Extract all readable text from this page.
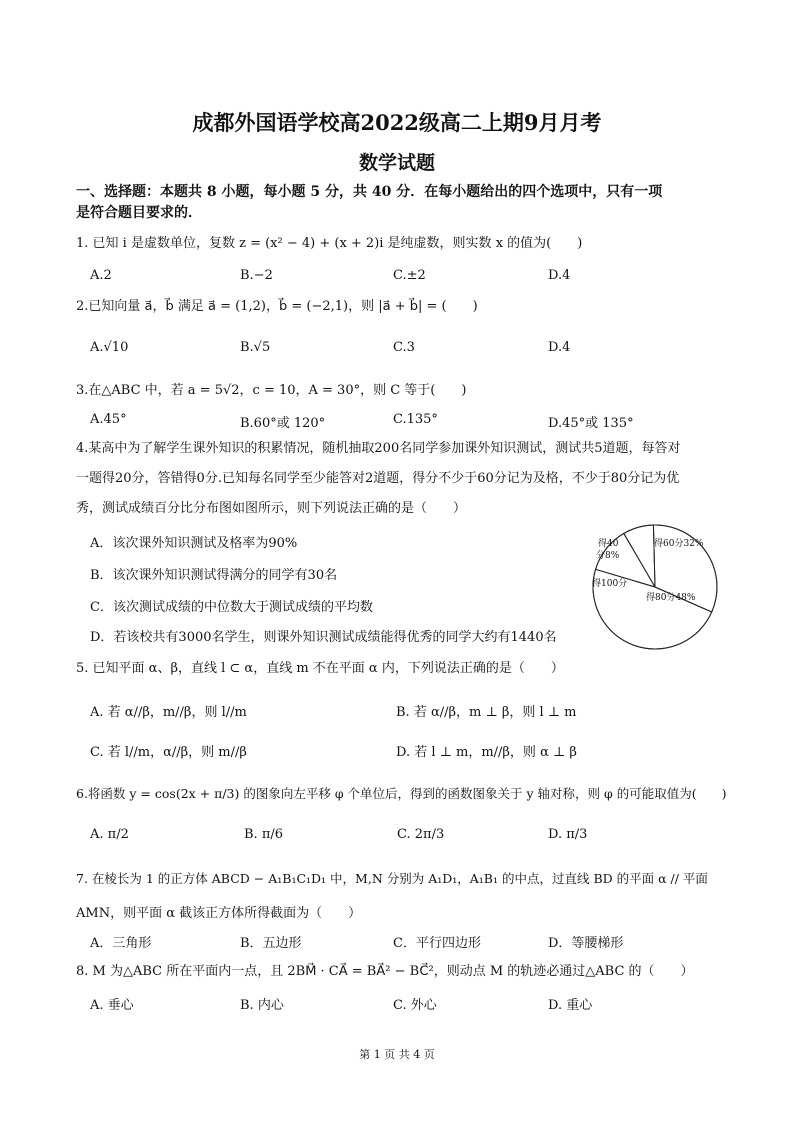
成都外国语学校高2022级高二上期9月月考
数学试题
一、选择题：本题共 8 小题，每小题 5 分，共 40 分．在每小题给出的四个选项中，只有一项
是符合题目要求的．
1. 已知 i 是虚数单位，复数 z = (x² − 4) + (x + 2)i 是纯虚数，则实数 x 的值为(　　)
A.2	B.−2	C.±2	D.4
2.已知向量 a⃗，b⃗ 满足 a⃗ = (1,2)，b⃗ = (−2,1)，则 |a⃗ + b⃗| = (　　)
A.√10	B.√5	C.3	D.4
3.在△ABC 中，若 a = 5√2，c = 10，A = 30°，则 C 等于(　　)
A.45°	B.60°或 120°	C.135°	D.45°或 135°
4.某高中为了解学生课外知识的积累情况，随机抽取200名同学参加课外知识测试，测试共5道题，每答对
一题得20分，答错得0分.已知每名同学至少能答对2道题，得分不少于60分记为及格，不少于80分记为优
秀，测试成绩百分比分布图如图所示，则下列说法正确的是（　　）
A．该次课外知识测试及格率为90%
B．该次课外知识测试得满分的同学有30名
C．该次测试成绩的中位数大于测试成绩的平均数
D．若该校共有3000名学生，则课外知识测试成绩能得优秀的同学大约有1440名
得60分32%
得80分48%
得100分
得40
分8%
5. 已知平面 α、β，直线 l ⊂ α，直线 m 不在平面 α 内，下列说法正确的是（　　）
A. 若 α//β，m//β，则 l//m	B. 若 α//β，m ⊥ β，则 l ⊥ m
C. 若 l//m，α//β，则 m//β	D. 若 l ⊥ m，m//β，则 α ⊥ β
6.将函数 y = cos(2x + π/3) 的图象向左平移 φ 个单位后，得到的函数图象关于 y 轴对称，则 φ 的可能取值为(　　)
A. π/2	B. π/6	C. 2π/3	D. π/3
7. 在棱长为 1 的正方体 ABCD − A₁B₁C₁D₁ 中，M,N 分别为 A₁D₁，A₁B₁ 的中点，过直线 BD 的平面 α // 平面
AMN，则平面 α 截该正方体所得截面为（　　）
A．三角形	B．五边形	C．平行四边形	D．等腰梯形
8. M 为△ABC 所在平面内一点，且 2BM⃗ · CA⃗ = BA⃗² − BC⃗²，则动点 M 的轨迹必通过△ABC 的（　　）
A. 垂心	B. 内心	C. 外心	D. 重心
第 1 页 共 4 页
